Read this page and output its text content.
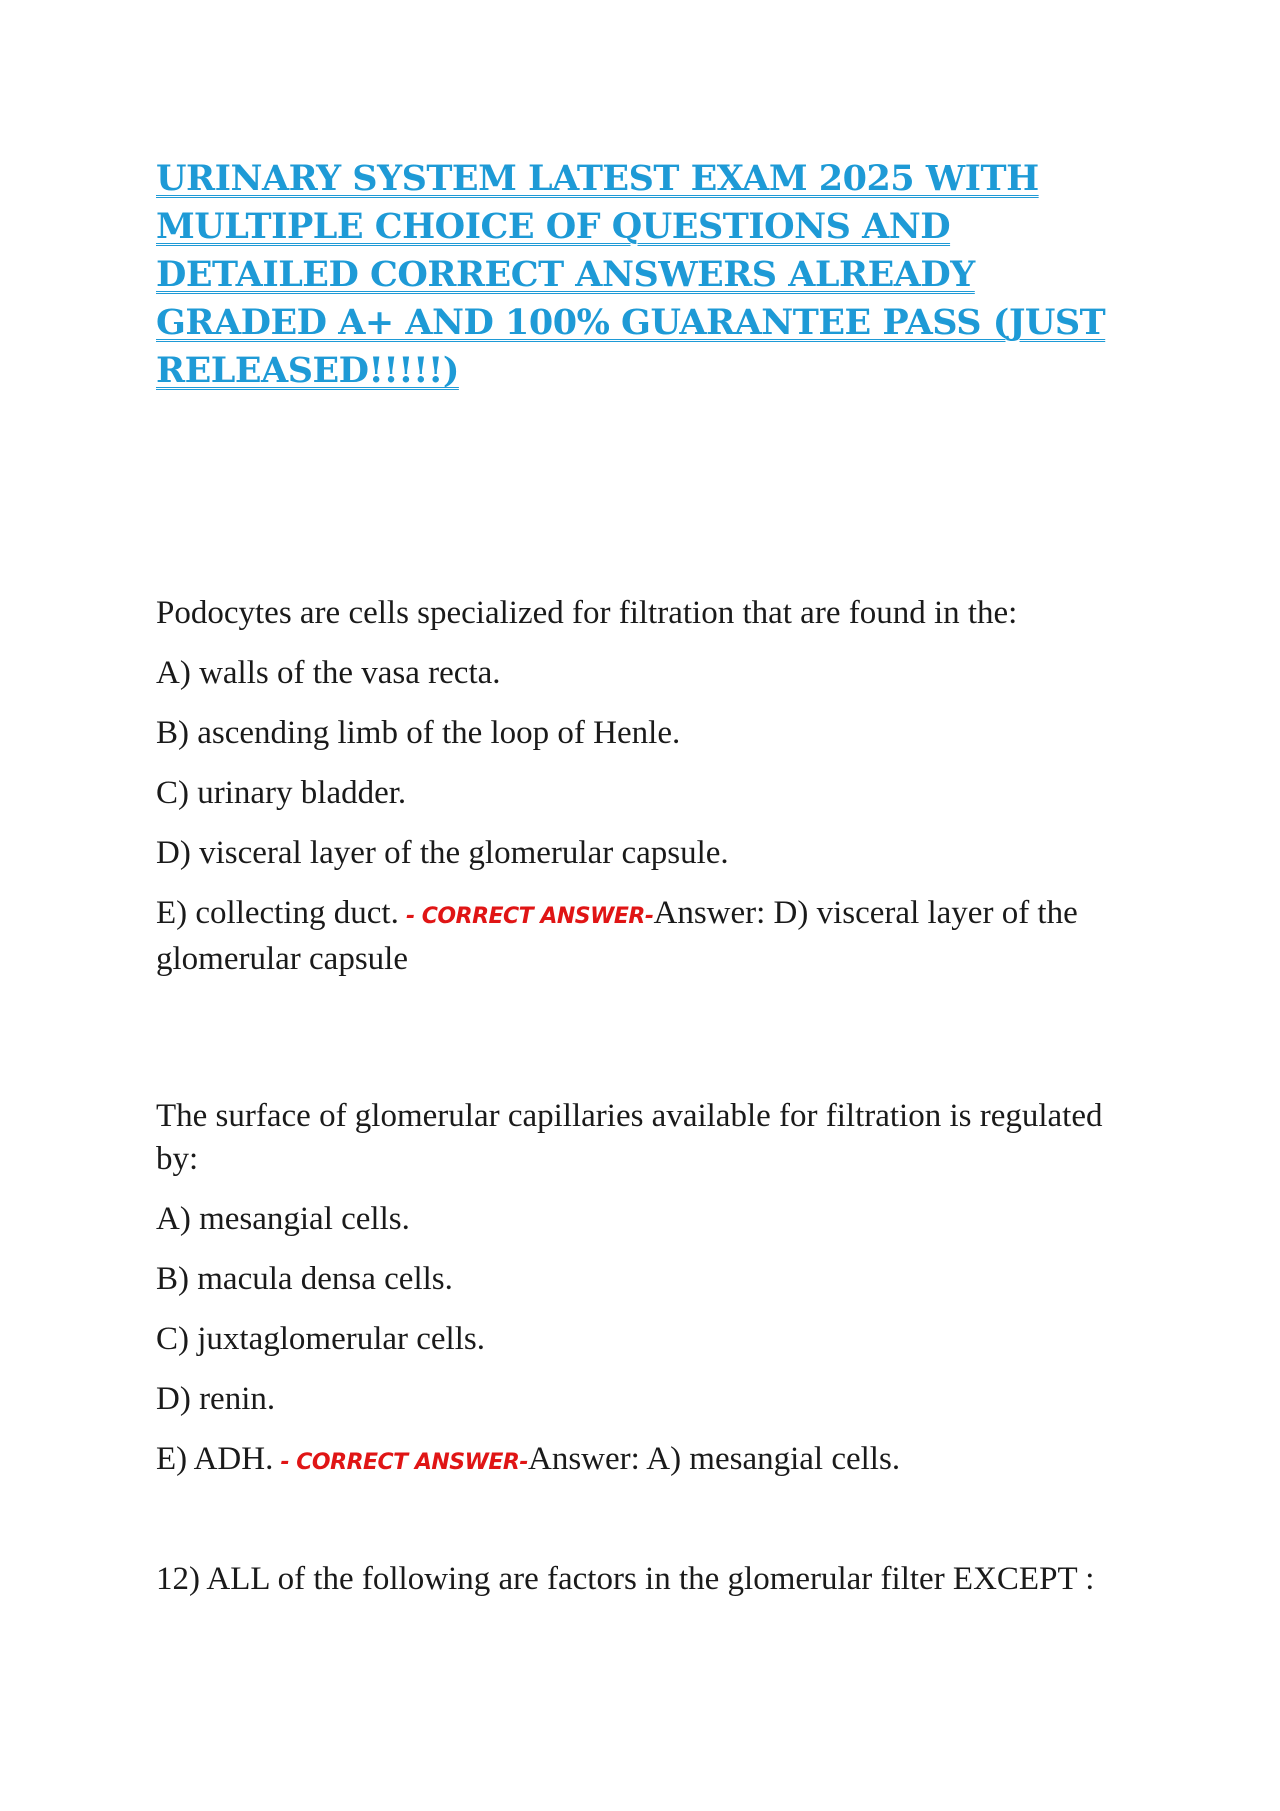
URINARY SYSTEM LATEST EXAM 2025 WITH MULTIPLE CHOICE OF QUESTIONS AND DETAILED CORRECT ANSWERS ALREADY GRADED A+ AND 100% GUARANTEE PASS (JUST RELEASED!!!!!)

Podocytes are cells specialized for filtration that are found in the:

A) walls of the vasa recta.

B) ascending limb of the loop of Henle.

C) urinary bladder.

D) visceral layer of the glomerular capsule.

E) collecting duct. - CORRECT ANSWER-Answer: D) visceral layer of the glomerular capsule

The surface of glomerular capillaries available for filtration is regulated by:

A) mesangial cells.

B) macula densa cells.

C) juxtaglomerular cells.

D) renin.

E) ADH. - CORRECT ANSWER-Answer: A) mesangial cells.

12) ALL of the following are factors in the glomerular filter EXCEPT :
